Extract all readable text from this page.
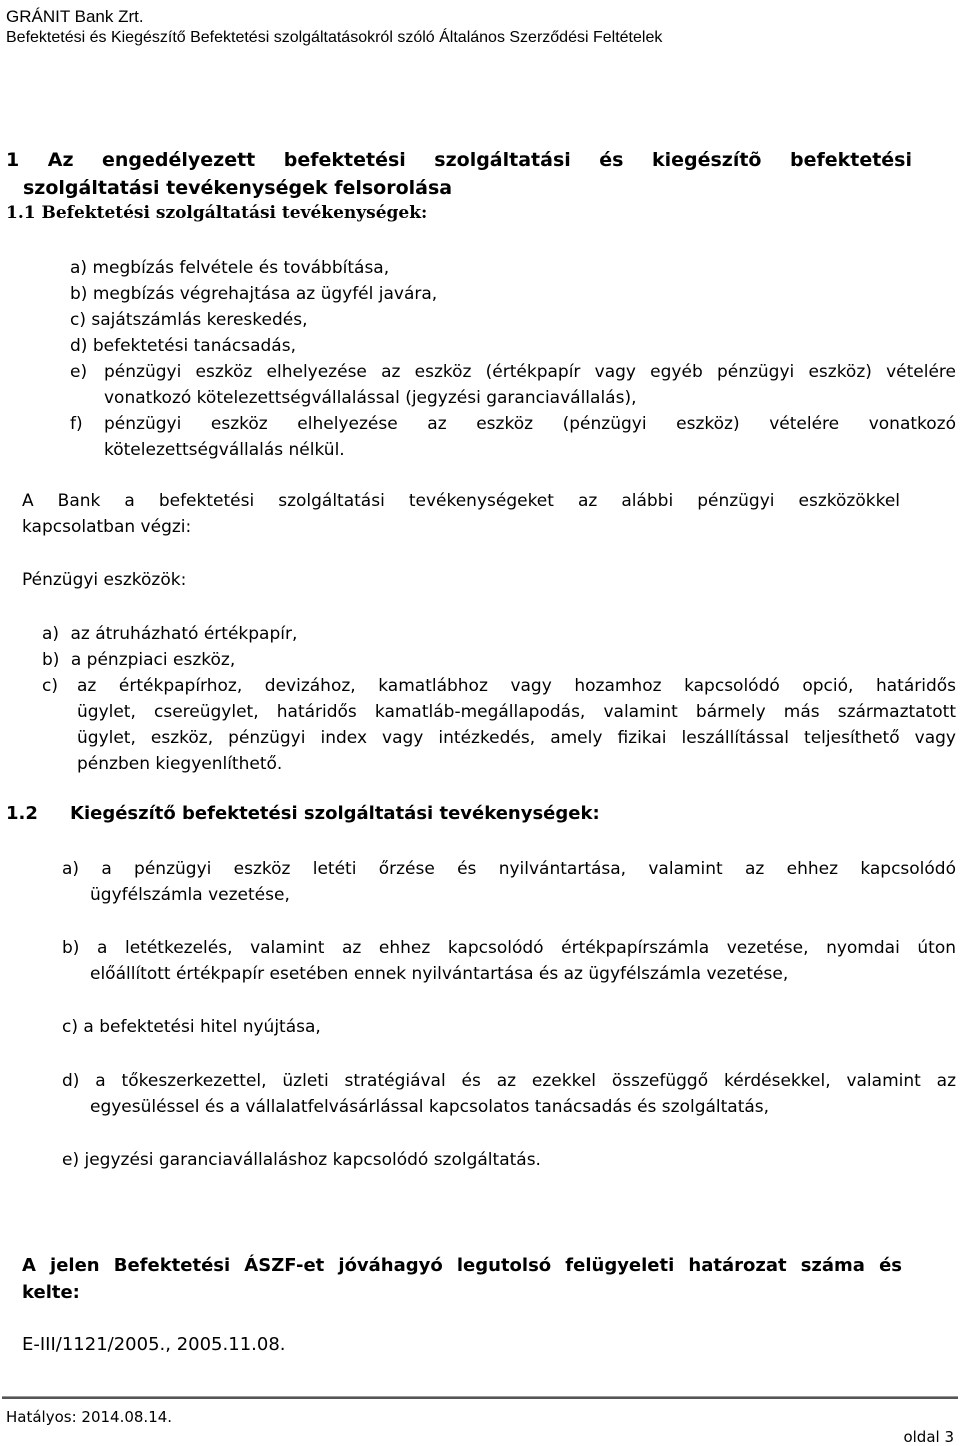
GRÁNIT Bank Zrt.
Befektetési és Kiegészítő Befektetési szolgáltatásokról szóló Általános Szerződési Feltételek
1 Az engedélyezett befektetési szolgáltatási és kiegészítõ befektetési
szolgáltatási tevékenységek felsorolása
1.1 Befektetési szolgáltatási tevékenységek:
a) megbízás felvétele és továbbítása,
b) megbízás végrehajtása az ügyfél javára,
c) sajátszámlás kereskedés,
d) befektetési tanácsadás,
e) pénzügyi eszköz elhelyezése az eszköz (értékpapír vagy egyéb pénzügyi eszköz) vételére
vonatkozó kötelezettségvállalással (jegyzési garanciavállalás),
f) pénzügyi eszköz elhelyezése az eszköz (pénzügyi eszköz) vételére vonatkozó
kötelezettségvállalás nélkül.
A Bank a befektetési szolgáltatási tevékenységeket az alábbi pénzügyi eszközökkel
kapcsolatban végzi:
Pénzügyi eszközök:
a) az átruházható értékpapír,
b) a pénzpiaci eszköz,
c) az értékpapírhoz, devizához, kamatlábhoz vagy hozamhoz kapcsolódó opció, határidős
ügylet, csereügylet, határidős kamatláb-megállapodás, valamint bármely más származtatott
ügylet, eszköz, pénzügyi index vagy intézkedés, amely fizikai leszállítással teljesíthető vagy
pénzben kiegyenlíthető.
1.2 Kiegészítő befektetési szolgáltatási tevékenységek:
a) a pénzügyi eszköz letéti őrzése és nyilvántartása, valamint az ehhez kapcsolódó
ügyfélszámla vezetése,
b) a letétkezelés, valamint az ehhez kapcsolódó értékpapírszámla vezetése, nyomdai úton
előállított értékpapír esetében ennek nyilvántartása és az ügyfélszámla vezetése,
c) a befektetési hitel nyújtása,
d) a tőkeszerkezettel, üzleti stratégiával és az ezekkel összefüggő kérdésekkel, valamint az
egyesüléssel és a vállalatfelvásárlással kapcsolatos tanácsadás és szolgáltatás,
e) jegyzési garanciavállaláshoz kapcsolódó szolgáltatás.
A jelen Befektetési ÁSZF-et jóváhagyó legutolsó felügyeleti határozat száma és
kelte:
E-III/1121/2005., 2005.11.08.
Hatályos: 2014.08.14.
oldal 3
